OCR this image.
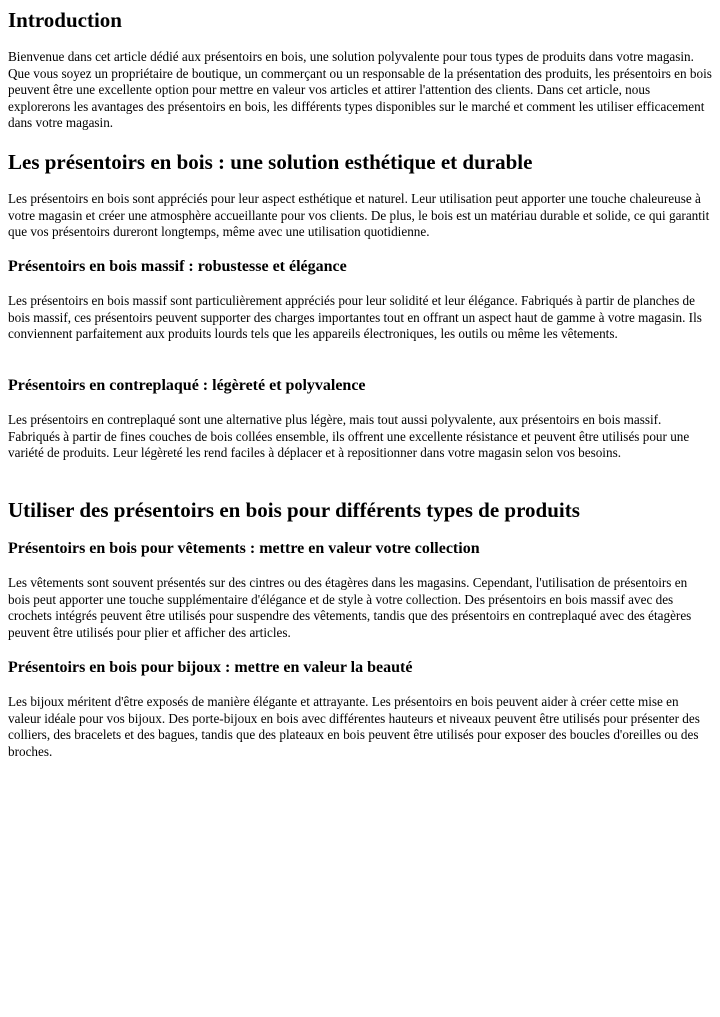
Introduction

Bienvenue dans cet article dédié aux présentoirs en bois, une solution polyvalente pour tous types de produits dans votre magasin. Que vous soyez un propriétaire de boutique, un commerçant ou un responsable de la présentation des produits, les présentoirs en bois peuvent être une excellente option pour mettre en valeur vos articles et attirer l'attention des clients. Dans cet article, nous explorerons les avantages des présentoirs en bois, les différents types disponibles sur le marché et comment les utiliser efficacement dans votre magasin.

Les présentoirs en bois : une solution esthétique et durable

Les présentoirs en bois sont appréciés pour leur aspect esthétique et naturel. Leur utilisation peut apporter une touche chaleureuse à votre magasin et créer une atmosphère accueillante pour vos clients. De plus, le bois est un matériau durable et solide, ce qui garantit que vos présentoirs dureront longtemps, même avec une utilisation quotidienne.

Présentoirs en bois massif : robustesse et élégance

Les présentoirs en bois massif sont particulièrement appréciés pour leur solidité et leur élégance. Fabriqués à partir de planches de bois massif, ces présentoirs peuvent supporter des charges importantes tout en offrant un aspect haut de gamme à votre magasin. Ils conviennent parfaitement aux produits lourds tels que les appareils électroniques, les outils ou même les vêtements.

Présentoirs en contreplaqué : légèreté et polyvalence

Les présentoirs en contreplaqué sont une alternative plus légère, mais tout aussi polyvalente, aux présentoirs en bois massif. Fabriqués à partir de fines couches de bois collées ensemble, ils offrent une excellente résistance et peuvent être utilisés pour une variété de produits. Leur légèreté les rend faciles à déplacer et à repositionner dans votre magasin selon vos besoins.

Utiliser des présentoirs en bois pour différents types de produits
Présentoirs en bois pour vêtements : mettre en valeur votre collection

Les vêtements sont souvent présentés sur des cintres ou des étagères dans les magasins. Cependant, l'utilisation de présentoirs en bois peut apporter une touche supplémentaire d'élégance et de style à votre collection. Des présentoirs en bois massif avec des crochets intégrés peuvent être utilisés pour suspendre des vêtements, tandis que des présentoirs en contreplaqué avec des étagères peuvent être utilisés pour plier et afficher des articles.

Présentoirs en bois pour bijoux : mettre en valeur la beauté

Les bijoux méritent d'être exposés de manière élégante et attrayante. Les présentoirs en bois peuvent aider à créer cette mise en valeur idéale pour vos bijoux. Des porte-bijoux en bois avec différentes hauteurs et niveaux peuvent être utilisés pour présenter des colliers, des bracelets et des bagues, tandis que des plateaux en bois peuvent être utilisés pour exposer des boucles d'oreilles ou des broches.
